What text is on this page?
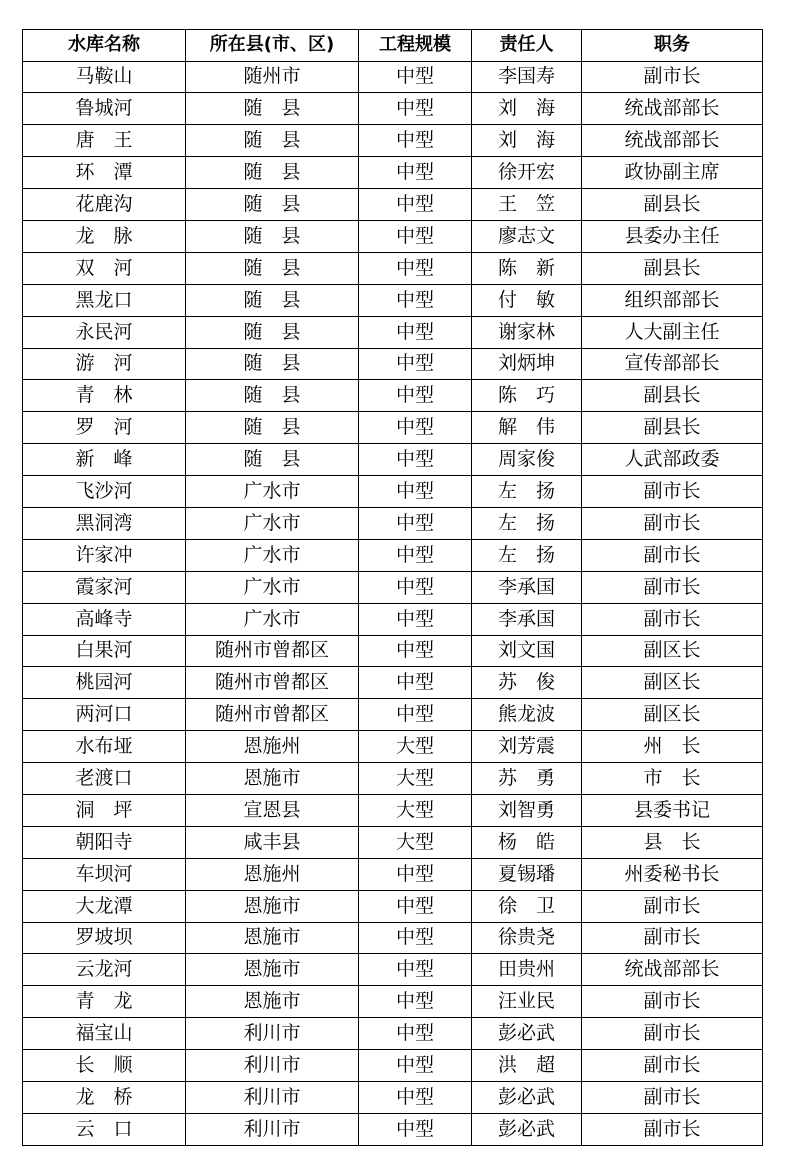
水库名称	所在县(市、区)	工程规模	责任人	职务
马鞍山	随州市	中型	李国寿	副市长
鲁城河	随　县	中型	刘　海	统战部部长
唐　王	随　县	中型	刘　海	统战部部长
环　潭	随　县	中型	徐开宏	政协副主席
花鹿沟	随　县	中型	王　笠	副县长
龙　脉	随　县	中型	廖志文	县委办主任
双　河	随　县	中型	陈　新	副县长
黑龙口	随　县	中型	付　敏	组织部部长
永民河	随　县	中型	谢家林	人大副主任
游　河	随　县	中型	刘炳坤	宣传部部长
青　林	随　县	中型	陈　巧	副县长
罗　河	随　县	中型	解　伟	副县长
新　峰	随　县	中型	周家俊	人武部政委
飞沙河	广水市	中型	左　扬	副市长
黑洞湾	广水市	中型	左　扬	副市长
许家冲	广水市	中型	左　扬	副市长
霞家河	广水市	中型	李承国	副市长
高峰寺	广水市	中型	李承国	副市长
白果河	随州市曾都区	中型	刘文国	副区长
桃园河	随州市曾都区	中型	苏　俊	副区长
两河口	随州市曾都区	中型	熊龙波	副区长
水布垭	恩施州	大型	刘芳震	州　长
老渡口	恩施市	大型	苏　勇	市　长
洞　坪	宣恩县	大型	刘智勇	县委书记
朝阳寺	咸丰县	大型	杨　皓	县　长
车坝河	恩施州	中型	夏锡璠	州委秘书长
大龙潭	恩施市	中型	徐　卫	副市长
罗坡坝	恩施市	中型	徐贵尧	副市长
云龙河	恩施市	中型	田贵州	统战部部长
青　龙	恩施市	中型	汪业民	副市长
福宝山	利川市	中型	彭必武	副市长
长　顺	利川市	中型	洪　超	副市长
龙　桥	利川市	中型	彭必武	副市长
云　口	利川市	中型	彭必武	副市长
